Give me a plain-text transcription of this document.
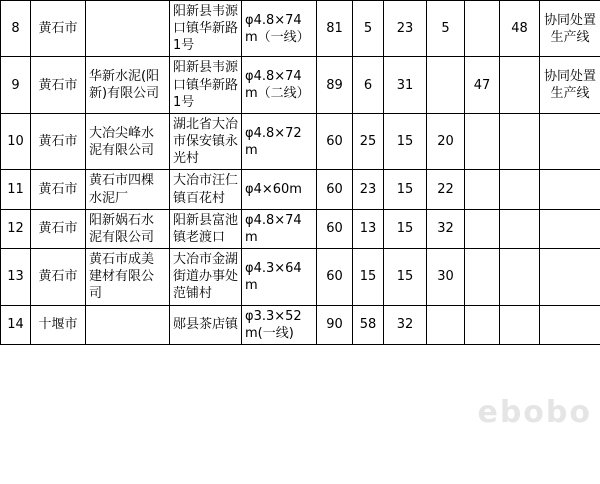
8	黄石市		阳新县韦源口镇华新路1号	φ4.8×74m（一线）	81	5	23	5		48	协同处置生产线
9	黄石市	华新水泥(阳新)有限公司	阳新县韦源口镇华新路1号	φ4.8×74m（二线）	89	6	31		47		协同处置生产线
10	黄石市	大冶尖峰水泥有限公司	湖北省大冶市保安镇永光村	φ4.8×72m	60	25	15	20			
11	黄石市	黄石市四棵水泥厂	大冶市汪仁镇百花村	φ4×60m	60	23	15	22			
12	黄石市	阳新娲石水泥有限公司	阳新县富池镇老渡口	φ4.8×74m	60	13	15	32			
13	黄石市	黄石市成美建材有限公司	大冶市金湖街道办事处范铺村	φ4.3×64m	60	15	15	30			
14	十堰市		郧县茶店镇	φ3.3×52m(一线)	90	58	32				
ebobo
